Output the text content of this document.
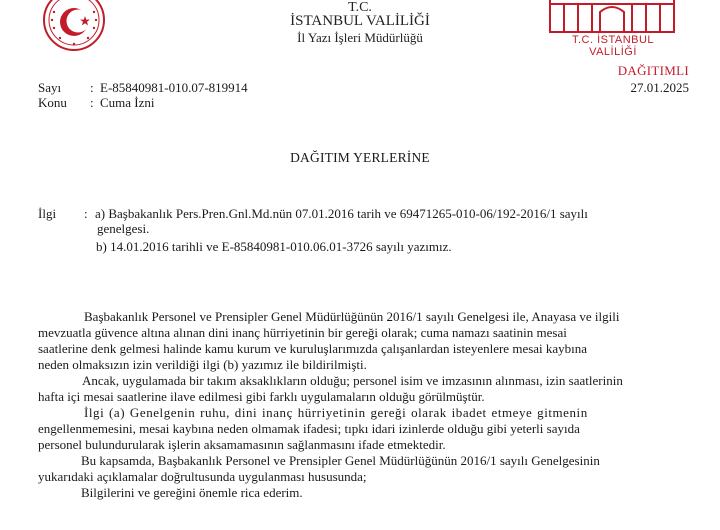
T.C. İSTANBUL VALİLİĞİ
T.C.
İSTANBUL VALİLİĞİ
İl Yazı İşleri Müdürlüğü
DAĞITIMLI
27.01.2025
Sayı : E-85840981-010.07-819914
Konu : Cuma İzni
DAĞITIM YERLERİNE
İlgi : a) Başbakanlık Pers.Pren.Gnl.Md.nün 07.01.2016 tarih ve 69471265-010-06/192-2016/1 sayılı
genelgesi.
b) 14.01.2016 tarihli ve E-85840981-010.06.01-3726 sayılı yazımız.
Başbakanlık Personel ve Prensipler Genel Müdürlüğünün 2016/1 sayılı Genelgesi ile, Anayasa ve ilgili
mevzuatla güvence altına alınan dini inanç hürriyetinin bir gereği olarak; cuma namazı saatinin mesai
saatlerine denk gelmesi halinde kamu kurum ve kuruluşlarımızda çalışanlardan isteyenlere mesai kaybına
neden olmaksızın izin verildiği ilgi (b) yazımız ile bildirilmişti.
Ancak, uygulamada bir takım aksaklıkların olduğu; personel isim ve imzasının alınması, izin saatlerinin
hafta içi mesai saatlerine ilave edilmesi gibi farklı uygulamaların olduğu görülmüştür.
İlgi (a) Genelgenin ruhu, dini inanç hürriyetinin gereği olarak ibadet etmeye gitmenin
engellenmemesini, mesai kaybına neden olmamak ifadesi; tıpkı idari izinlerde olduğu gibi yeterli sayıda
personel bulundurularak işlerin aksamamasının sağlanmasını ifade etmektedir.
Bu kapsamda, Başbakanlık Personel ve Prensipler Genel Müdürlüğünün 2016/1 sayılı Genelgesinin
yukarıdaki açıklamalar doğrultusunda uygulanması hususunda;
Bilgilerini ve gereğini önemle rica ederim.
